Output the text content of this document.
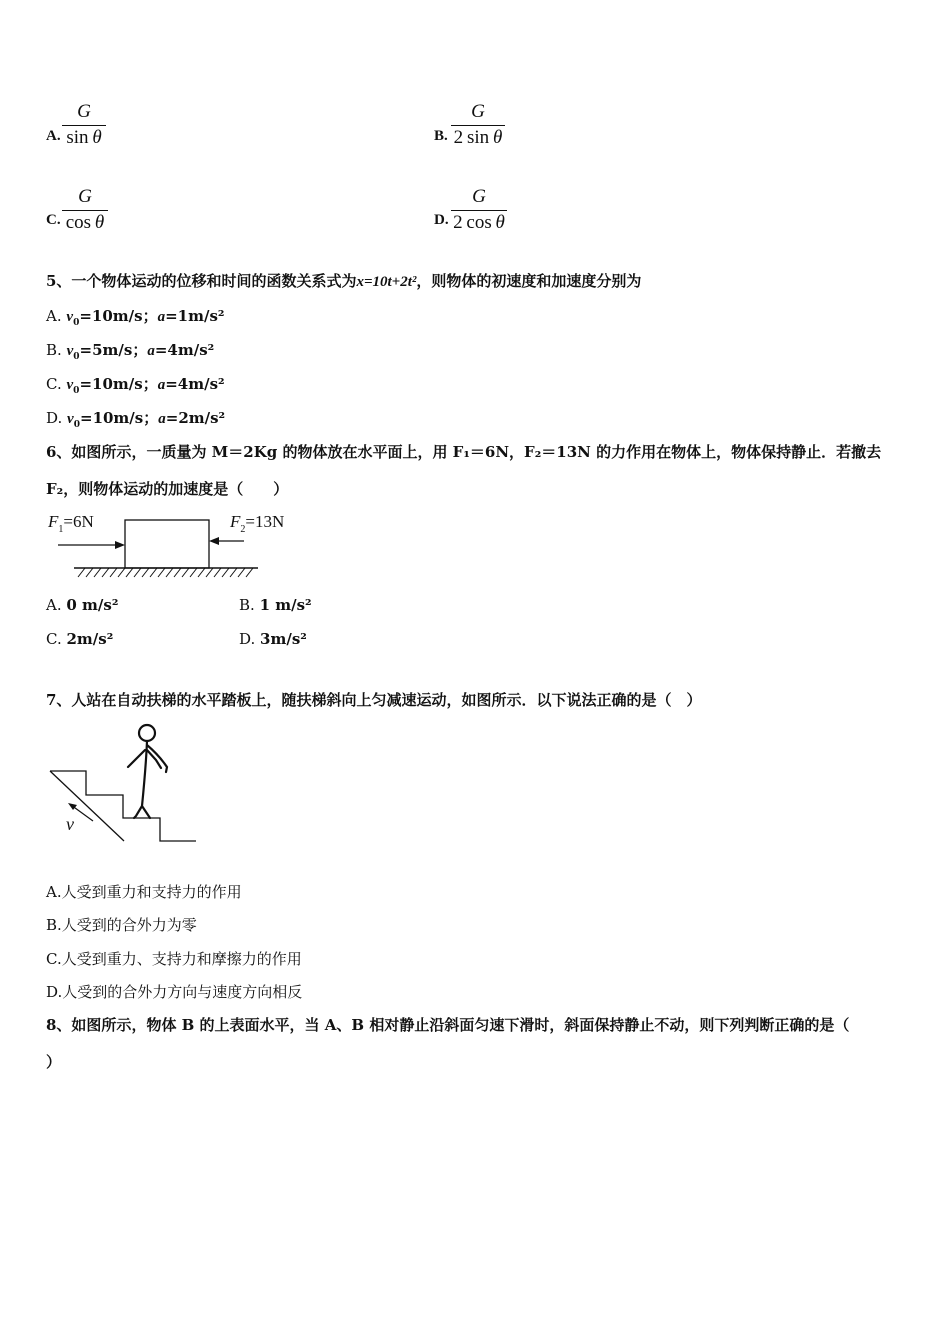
A.
G
sin  θ	B.
G
2  sin  θ
C.
G
cos  θ	D.
G
2  cos  θ
5、一个物体运动的位移和时间的函数关系式为x=10t+2t²，则物体的初速度和加速度分别为
A. $v_0=10m/s$；a=1m/s²
B. $v_0=5m/s$；a=4m/s²
C. $v_0=10m/s$；a=4m/s²
D. $v_0=10m/s$；a=2m/s²
6、如图所示，一质量为 M＝2Kg 的物体放在水平面上，用 F₁＝6N，F₂＝13N 的力作用在物体上，物体保持静止．若撤去
F₂，则物体运动的加速度是（　　）
$F_1=6N$	$F_2=13N$
A. 0 m/s²	B. 1 m/s²
C. 2m/s²	D. 3m/s²
7、人站在自动扶梯的水平踏板上，随扶梯斜向上匀减速运动，如图所示．以下说法正确的是（　）
v
A.人受到重力和支持力的作用
B.人受到的合外力为零
C.人受到重力、支持力和摩擦力的作用
D.人受到的合外力方向与速度方向相反
8、如图所示，物体 B 的上表面水平，当 A、B 相对静止沿斜面匀速下滑时，斜面保持静止不动，则下列判断正确的是（
）
